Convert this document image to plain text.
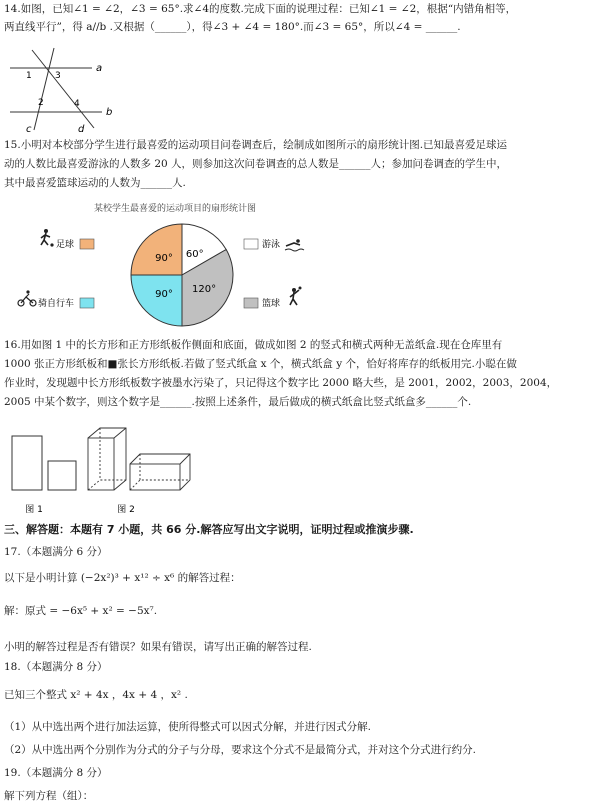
14.如图，已知∠1 = ∠2，∠3 = 65°.求∠4的度数.完成下面的说理过程：已知∠1 = ∠2，根据“内错角相等，
两直线平行”，得 a//b .又根据（______），得∠3 + ∠4 = 180°.而∠3 = 65°，所以∠4 = ______.
1	3
2	4
a
b
c	d
15.小明对本校部分学生进行最喜爱的运动项目问卷调查后，绘制成如图所示的扇形统计图.已知最喜爱足球运
动的人数比最喜爱游泳的人数多 20 人，则参加这次问卷调查的总人数是______人；参加问卷调查的学生中，
其中最喜爱篮球运动的人数为______人.
某校学生最喜爱的运动项目的扇形统计图
60°
120°
90°
90°
足球
骑自行车
游泳
篮球
16.用如图 1 中的长方形和正方形纸板作侧面和底面，做成如图 2 的竖式和横式两种无盖纸盒.现在仓库里有
1000 张正方形纸板和■张长方形纸板.若做了竖式纸盒 x 个，横式纸盒 y 个，恰好将库存的纸板用完.小聪在做
作业时，发现题中长方形纸板数字被墨水污染了，只记得这个数字比 2000 略大些，是 2001，2002，2003，2004，
2005 中某个数字，则这个数字是______.按照上述条件，最后做成的横式纸盒比竖式纸盒多______个.
图 1	图 2
三、解答题：本题有 7 小题，共 66 分.解答应写出文字说明，证明过程或推演步骤.
17.（本题满分 6 分）
以下是小明计算 (−2x²)³ + x¹² ÷ x⁶ 的解答过程：
解：原式 = −6x⁵ + x² = −5x⁷.
小明的解答过程是否有错误？如果有错误，请写出正确的解答过程.
18.（本题满分 8 分）
已知三个整式 x² + 4x ，4x + 4 ，x² .
（1）从中选出两个进行加法运算，使所得整式可以因式分解，并进行因式分解.
（2）从中选出两个分别作为分式的分子与分母，要求这个分式不是最简分式，并对这个分式进行约分.
19.（本题满分 8 分）
解下列方程（组）：
